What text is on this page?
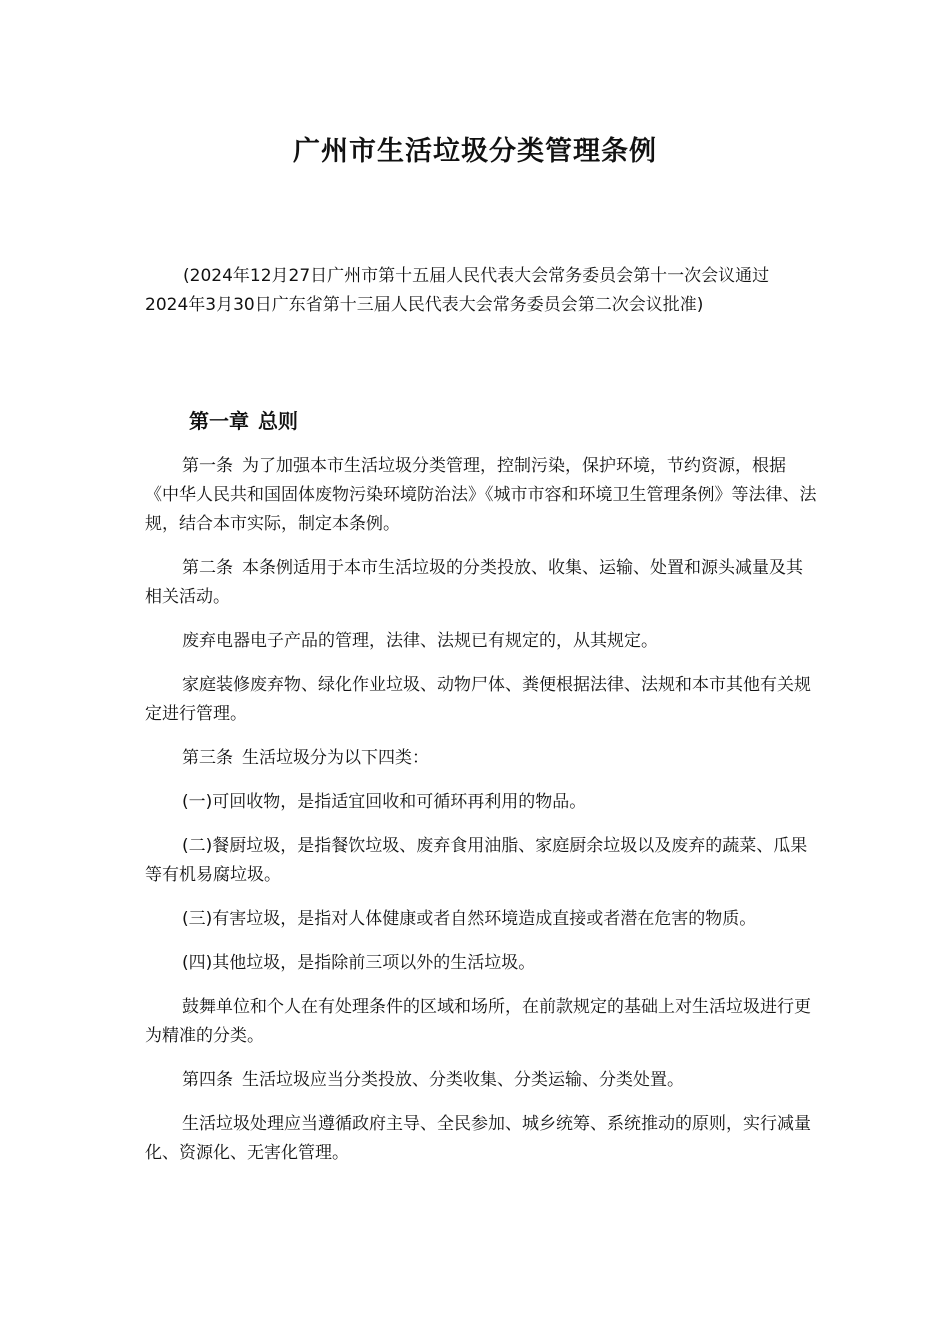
广州市生活垃圾分类管理条例

(2024年12月27日广州市第十五届人民代表大会常务委员会第十一次会议通过 2024年3月30日广东省第十三届人民代表大会常务委员会第二次会议批准)

第一章 总则

第一条 为了加强本市生活垃圾分类管理，控制污染，保护环境，节约资源，根据《中华人民共和国固体废物污染环境防治法》《城市市容和环境卫生管理条例》等法律、法规，结合本市实际，制定本条例。

第二条 本条例适用于本市生活垃圾的分类投放、收集、运输、处置和源头减量及其相关活动。

废弃电器电子产品的管理，法律、法规已有规定的，从其规定。

家庭装修废弃物、绿化作业垃圾、动物尸体、粪便根据法律、法规和本市其他有关规定进行管理。

第三条 生活垃圾分为以下四类：

(一)可回收物，是指适宜回收和可循环再利用的物品。

(二)餐厨垃圾，是指餐饮垃圾、废弃食用油脂、家庭厨余垃圾以及废弃的蔬菜、瓜果等有机易腐垃圾。

(三)有害垃圾，是指对人体健康或者自然环境造成直接或者潜在危害的物质。

(四)其他垃圾，是指除前三项以外的生活垃圾。

鼓舞单位和个人在有处理条件的区域和场所，在前款规定的基础上对生活垃圾进行更为精准的分类。

第四条 生活垃圾应当分类投放、分类收集、分类运输、分类处置。

生活垃圾处理应当遵循政府主导、全民参加、城乡统筹、系统推动的原则，实行减量化、资源化、无害化管理。
